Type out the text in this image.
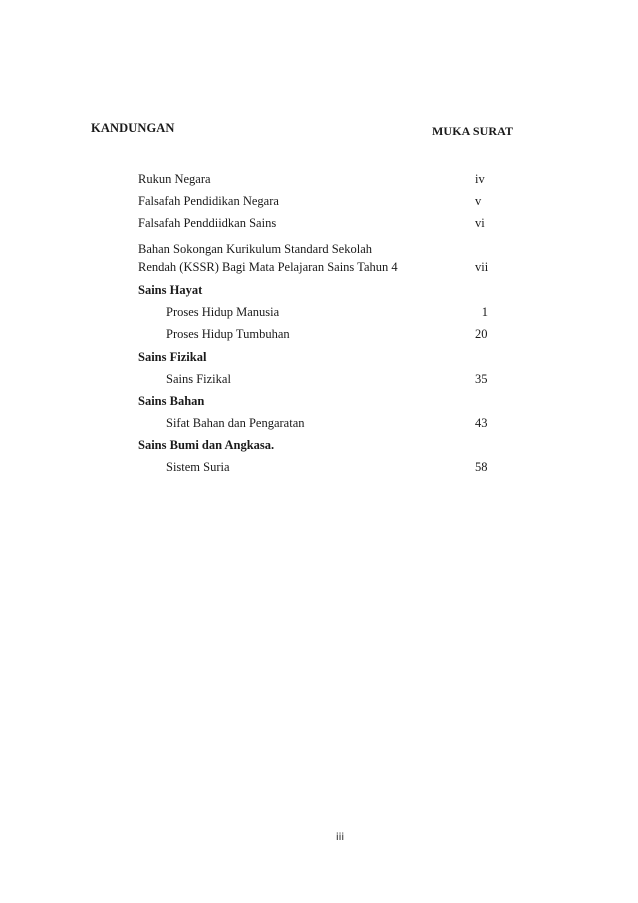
KANDUNGAN	MUKA SURAT
Rukun Negara	iv
Falsafah Pendidikan Negara	v
Falsafah Penddiidkan Sains	vi
Bahan Sokongan Kurikulum Standard Sekolah
Rendah (KSSR) Bagi Mata Pelajaran Sains Tahun 4	vii
Sains Hayat
Proses Hidup Manusia	1
Proses Hidup Tumbuhan	20
Sains Fizikal
Sains Fizikal	35
Sains Bahan
Sifat Bahan dan Pengaratan	43
Sains Bumi dan Angkasa.
Sistem Suria	58
iii
